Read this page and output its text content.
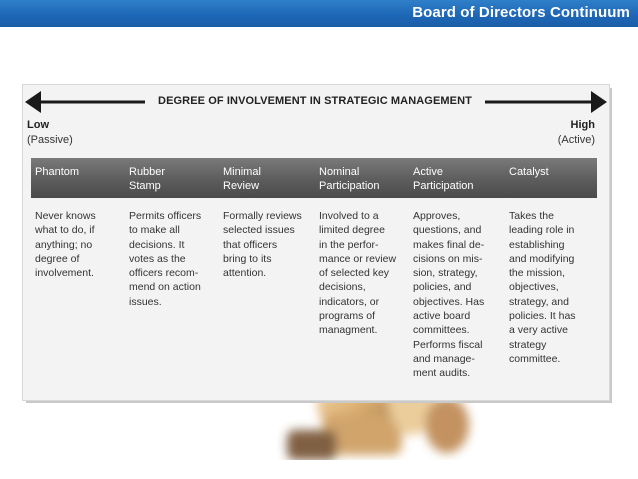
Board of Directors Continuum
DEGREE OF INVOLVEMENT IN STRATEGIC MANAGEMENT
Low
(Passive)
High
(Active)
Phantom	Rubber
Stamp
Minimal
Review
Nominal
Participation
Active
Participation
Catalyst
Never knows
what to do, if
anything; no
degree of
involvement.
Permits officers
to make all
decisions. It
votes as the
officers recom-
mend on action
issues.
Formally reviews
selected issues
that officers
bring to its
attention.
Involved to a
limited degree
in the perfor-
mance or review
of selected key
decisions,
indicators, or
programs of
managment.
Approves,
questions, and
makes final de-
cisions on mis-
sion, strategy,
policies, and
objectives. Has
active board
committees.
Performs fiscal
and manage-
ment audits.
Takes the
leading role in
establishing
and modifying
the mission,
objectives,
strategy, and
policies. It has
a very active
strategy
committee.
